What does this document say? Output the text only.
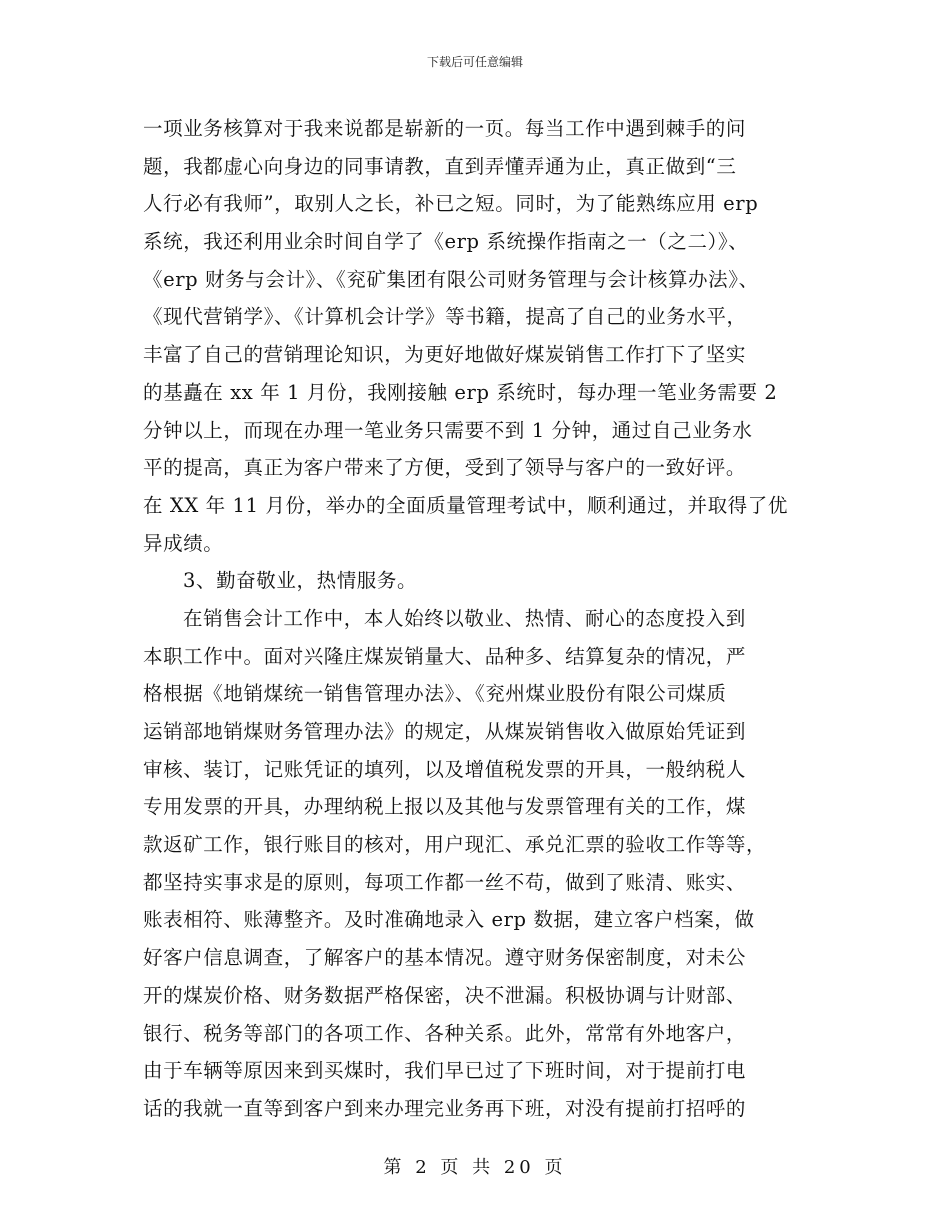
下载后可任意编辑
一项业务核算对于我来说都是崭新的一页。每当工作中遇到棘手的问
题，我都虚心向身边的同事请教，直到弄懂弄通为止，真正做到“三
人行必有我师”，取别人之长，补已之短。同时，为了能熟练应用 erp
系统，我还利用业余时间自学了《erp 系统操作指南之一（之二）》、
《erp 财务与会计》、《兖矿集团有限公司财务管理与会计核算办法》、
《现代营销学》、《计算机会计学》等书籍，提高了自己的业务水平，
丰富了自己的营销理论知识，为更好地做好煤炭销售工作打下了坚实
的基矗在 xx 年 1 月份，我刚接触 erp 系统时，每办理一笔业务需要 2
分钟以上，而现在办理一笔业务只需要不到 1 分钟，通过自己业务水
平的提高，真正为客户带来了方便，受到了领导与客户的一致好评。
在 XX 年 11 月份，举办的全面质量管理考试中，顺利通过，并取得了优
异成绩。
3、勤奋敬业，热情服务。
在销售会计工作中，本人始终以敬业、热情、耐心的态度投入到
本职工作中。面对兴隆庄煤炭销量大、品种多、结算复杂的情况，严
格根据《地销煤统一销售管理办法》、《兖州煤业股份有限公司煤质
运销部地销煤财务管理办法》的规定，从煤炭销售收入做原始凭证到
审核、装订，记账凭证的填列，以及增值税发票的开具，一般纳税人
专用发票的开具，办理纳税上报以及其他与发票管理有关的工作，煤
款返矿工作，银行账目的核对，用户现汇、承兑汇票的验收工作等等，
都坚持实事求是的原则，每项工作都一丝不苟，做到了账清、账实、
账表相符、账薄整齐。及时准确地录入 erp 数据，建立客户档案，做
好客户信息调查，了解客户的基本情况。遵守财务保密制度，对未公
开的煤炭价格、财务数据严格保密，决不泄漏。积极协调与计财部、
银行、税务等部门的各项工作、各种关系。此外，常常有外地客户，
由于车辆等原因来到买煤时，我们早已过了下班时间，对于提前打电
话的我就一直等到客户到来办理完业务再下班，对没有提前打招呼的
第 2 页 共 20 页
